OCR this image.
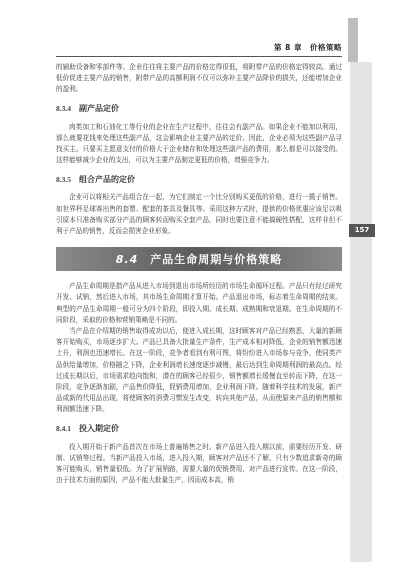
157
第 8 章 价格策略

的辅助设备和零部件等。企业往往将主要产品的价格定得很低，将附带产品的价格定得较高。通过低价促进主要产品的销售，附带产品的高额利润不仅可以弥补主要产品降价的损失，还能增加企业的盈利。

8.3.4 副产品定价

肉类加工和石油化工等行业的企业在生产过程中，往往会有副产品。如果企业不能加以利用，那么就要花钱来处理这些副产品，这会影响企业主要产品的定价。因此，企业必须为这些副产品寻找买主。只要买主愿意支付的价格大于企业储存和处理这些副产品的费用，那么都是可以接受的。这样能够减少企业的支出，可以为主要产品制定更低的价格，增强竞争力。

8.3.5 组合产品的定价

企业可以将相关产品组合在一起，为它们制定一个比分别购买更低的价格，进行一揽子销售。如世界杯足球赛出售的套票、配套的茶具及餐具等。采用这种方式时，提供的价格优惠应该足以吸引原本只准备购买部分产品的顾客转而购买全套产品，同时也要注意不能搞硬性搭配，这样非但不利于产品的销售，反而会损害企业形象。

8.4 产品生命周期与价格策略

产品生命周期是指产品从进入市场到退出市场所经历的市场生命循环过程。产品只有经过研究开发、试销，然后进入市场，其市场生命周期才算开始。产品退出市场，标志着生命周期的结束。典型的产品生命周期一般可分为四个阶段，即投入期、成长期、成熟期和衰退期。在生命周期的不同阶段，采取的价格和营销策略是不同的。

当产品在介绍期的销售取得成功以后，便进入成长期，这时顾客对产品已经熟悉，大量的新顾客开始购买，市场逐步扩大。产品已具备大批量生产条件，生产成本相对降低，企业的销售额迅速上升，利润也迅速增长。在这一阶段，竞争者看到有利可图，将纷纷进入市场参与竞争，使同类产品供给量增加，价格随之下降，企业利润增长速度逐步减慢，最后达到生命周期利润的最高点。经过成长期以后，市场需求趋向饱和，潜在的顾客已经很少，销售额增长缓慢直至转而下降，在这一阶段，竞争逐渐加剧，产品售价降低，促销费用增加，企业利润下降。随着科学技术的发展，新产品或新的代用品出现，将使顾客的消费习惯发生改变，转向其他产品，从而使原来产品的销售额和利润额迅速下降。

8.4.1 投入期定价

投入期开始于新产品首次在市场上普遍销售之时。新产品进入投入期以前，需要经历开发、研制、试销等过程。当新产品投入市场，进入投入期，顾客对产品还不了解，只有少数追求新奇的顾客可能购买，销售量很低。为了扩展销路，需要大量的促销费用，对产品进行宣传。在这一阶段，由于技术方面的原因，产品不能大批量生产，因而成本高，销
